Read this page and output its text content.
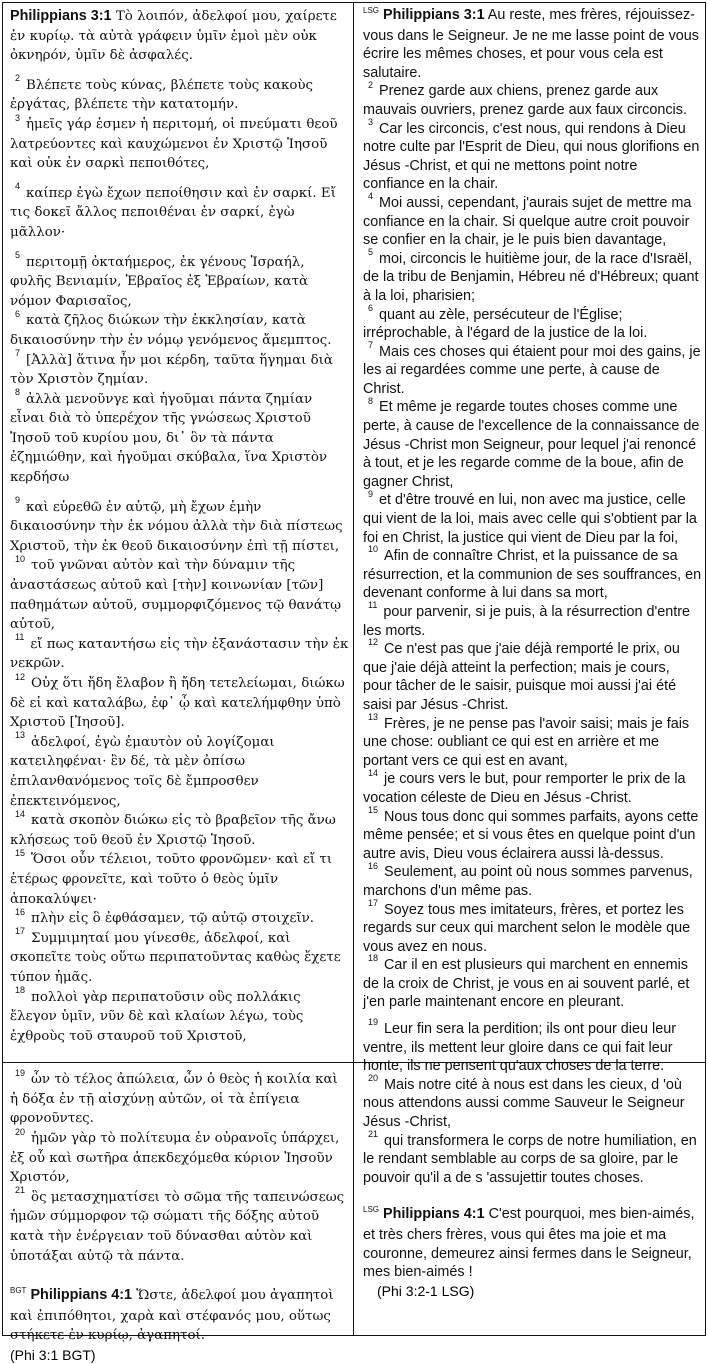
Philippians 3:1 Τὸ λοιπόν, ἀδελφοί μου, χαίρετε ἐν κυρίῳ. τὰ αὐτὰ γράφειν ὑμῖν ἐμοὶ μὲν οὐκ ὀκνηρόν, ὑμῖν δὲ ἀσφαλές.

$^2$ Βλέπετε τοὺς κύνας, βλέπετε τοὺς κακοὺς ἐργάτας, βλέπετε τὴν κατατομήν.

$^3$ ἡμεῖς γάρ ἐσμεν ἡ περιτομή, οἱ πνεύματι θεοῦ λατρεύοντες καὶ καυχώμενοι ἐν Χριστῷ Ἰησοῦ καὶ οὐκ ἐν σαρκὶ πεποιθότες,

$^4$ καίπερ ἐγὼ ἔχων πεποίθησιν καὶ ἐν σαρκί. Εἴ τις δοκεῖ ἄλλος πεποιθέναι ἐν σαρκί, ἐγὼ μᾶλλον·

$^5$ περιτομῇ ὀκταήμερος, ἐκ γένους Ἰσραήλ, φυλῆς Βενιαμίν, Ἑβραῖος ἐξ Ἑβραίων, κατὰ νόμον Φαρισαῖος,

$^6$ κατὰ ζῆλος διώκων τὴν ἐκκλησίαν, κατὰ δικαιοσύνην τὴν ἐν νόμῳ γενόμενος ἄμεμπτος.

$^7$ [Ἀλλὰ] ἅτινα ἦν μοι κέρδη, ταῦτα ἥγημαι διὰ τὸν Χριστὸν ζημίαν.

$^8$ ἀλλὰ μενοῦνγε καὶ ἡγοῦμαι πάντα ζημίαν εἶναι διὰ τὸ ὑπερέχον τῆς γνώσεως Χριστοῦ Ἰησοῦ τοῦ κυρίου μου, δι᾽ ὃν τὰ πάντα ἐζημιώθην, καὶ ἡγοῦμαι σκύβαλα, ἵνα Χριστὸν κερδήσω

$^9$ καὶ εὑρεθῶ ἐν αὐτῷ, μὴ ἔχων ἐμὴν δικαιοσύνην τὴν ἐκ νόμου ἀλλὰ τὴν διὰ πίστεως Χριστοῦ, τὴν ἐκ θεοῦ δικαιοσύνην ἐπὶ τῇ πίστει,

$^{10}$ τοῦ γνῶναι αὐτὸν καὶ τὴν δύναμιν τῆς ἀναστάσεως αὐτοῦ καὶ [τὴν] κοινωνίαν [τῶν] παθημάτων αὐτοῦ, συμμορφιζόμενος τῷ θανάτῳ αὐτοῦ,

$^{11}$ εἴ πως καταντήσω εἰς τὴν ἐξανάστασιν τὴν ἐκ νεκρῶν.

$^{12}$ Οὐχ ὅτι ἤδη ἔλαβον ἢ ἤδη τετελείωμαι, διώκω δὲ εἰ καὶ καταλάβω, ἐφ᾽ ᾧ καὶ κατελήμφθην ὑπὸ Χριστοῦ [Ἰησοῦ].

$^{13}$ ἀδελφοί, ἐγὼ ἐμαυτὸν οὐ λογίζομαι κατειληφέναι· ἓν δέ, τὰ μὲν ὀπίσω ἐπιλανθανόμενος τοῖς δὲ ἔμπροσθεν ἐπεκτεινόμενος,

$^{14}$ κατὰ σκοπὸν διώκω εἰς τὸ βραβεῖον τῆς ἄνω κλήσεως τοῦ θεοῦ ἐν Χριστῷ Ἰησοῦ.

$^{15}$ Ὅσοι οὖν τέλειοι, τοῦτο φρονῶμεν· καὶ εἴ τι ἑτέρως φρονεῖτε, καὶ τοῦτο ὁ θεὸς ὑμῖν ἀποκαλύψει·

$^{16}$ πλὴν εἰς ὃ ἐφθάσαμεν, τῷ αὐτῷ στοιχεῖν.

$^{17}$ Συμμιμηταί μου γίνεσθε, ἀδελφοί, καὶ σκοπεῖτε τοὺς οὕτω περιπατοῦντας καθὼς ἔχετε τύπον ἡμᾶς.

$^{18}$ πολλοὶ γὰρ περιπατοῦσιν οὓς πολλάκις ἔλεγον ὑμῖν, νῦν δὲ καὶ κλαίων λέγω, τοὺς ἐχθροὺς τοῦ σταυροῦ τοῦ Χριστοῦ,

$^{19}$ ὧν τὸ τέλος ἀπώλεια, ὧν ὁ θεὸς ἡ κοιλία καὶ ἡ δόξα ἐν τῇ αἰσχύνῃ αὐτῶν, οἱ τὰ ἐπίγεια φρονοῦντες.

$^{20}$ ἡμῶν γὰρ τὸ πολίτευμα ἐν οὐρανοῖς ὑπάρχει, ἐξ οὗ καὶ σωτῆρα ἀπεκδεχόμεθα κύριον Ἰησοῦν Χριστόν,

$^{21}$ ὃς μετασχηματίσει τὸ σῶμα τῆς ταπεινώσεως ἡμῶν σύμμορφον τῷ σώματι τῆς δόξης αὐτοῦ κατὰ τὴν ἐνέργειαν τοῦ δύνασθαι αὐτὸν καὶ ὑποτάξαι αὐτῷ τὰ πάντα.

$^{BGT}$ Philippians 4:1 Ὥστε, ἀδελφοί μου ἀγαπητοὶ καὶ ἐπιπόθητοι, χαρὰ καὶ στέφανός μου, οὕτως στήκετε ἐν κυρίῳ, ἀγαπητοί.

(Phi 3:1 BGT)

$^{LSG}$ Philippians 3:1 Au reste, mes frères, réjouissez-vous dans le Seigneur. Je ne me lasse point de vous écrire les mêmes choses, et pour vous cela est salutaire.

$^2$ Prenez garde aux chiens, prenez garde aux mauvais ouvriers, prenez garde aux faux circoncis.

$^3$ Car les circoncis, c'est nous, qui rendons à Dieu notre culte par l'Esprit de Dieu, qui nous glorifions en Jésus -Christ, et qui ne mettons point notre confiance en la chair.

$^4$ Moi aussi, cependant, j'aurais sujet de mettre ma confiance en la chair. Si quelque autre croit pouvoir se confier en la chair, je le puis bien davantage,

$^5$ moi, circoncis le huitième jour, de la race d'Israël, de la tribu de Benjamin, Hébreu né d'Hébreux; quant à la loi, pharisien;

$^6$ quant au zèle, persécuteur de l'Église; irréprochable, à l'égard de la justice de la loi.

$^7$ Mais ces choses qui étaient pour moi des gains, je les ai regardées comme une perte, à cause de Christ.

$^8$ Et même je regarde toutes choses comme une perte, à cause de l'excellence de la connaissance de Jésus -Christ mon Seigneur, pour lequel j'ai renoncé à tout, et je les regarde comme de la boue, afin de gagner Christ,

$^9$ et d'être trouvé en lui, non avec ma justice, celle qui vient de la loi, mais avec celle qui s'obtient par la foi en Christ, la justice qui vient de Dieu par la foi,

$^{10}$ Afin de connaître Christ, et la puissance de sa résurrection, et la communion de ses souffrances, en devenant conforme à lui dans sa mort,

$^{11}$ pour parvenir, si je puis, à la résurrection d'entre les morts.

$^{12}$ Ce n'est pas que j'aie déjà remporté le prix, ou que j'aie déjà atteint la perfection; mais je cours, pour tâcher de le saisir, puisque moi aussi j'ai été saisi par Jésus -Christ.

$^{13}$ Frères, je ne pense pas l'avoir saisi; mais je fais une chose: oubliant ce qui est en arrière et me portant vers ce qui est en avant,

$^{14}$ je cours vers le but, pour remporter le prix de la vocation céleste de Dieu en Jésus -Christ.

$^{15}$ Nous tous donc qui sommes parfaits, ayons cette même pensée; et si vous êtes en quelque point d'un autre avis, Dieu vous éclairera aussi là-dessus.

$^{16}$ Seulement, au point où nous sommes parvenus, marchons d'un même pas.

$^{17}$ Soyez tous mes imitateurs, frères, et portez les regards sur ceux qui marchent selon le modèle que vous avez en nous.

$^{18}$ Car il en est plusieurs qui marchent en ennemis de la croix de Christ, je vous en ai souvent parlé, et j'en parle maintenant encore en pleurant.

$^{19}$ Leur fin sera la perdition; ils ont pour dieu leur ventre, ils mettent leur gloire dans ce qui fait leur honte, ils ne pensent qu'aux choses de la terre.

$^{20}$ Mais notre cité à nous est dans les cieux, d 'où nous attendons aussi comme Sauveur le Seigneur Jésus -Christ,

$^{21}$ qui transformera le corps de notre humiliation, en le rendant semblable au corps de sa gloire, par le pouvoir qu'il a de s 'assujettir toutes choses.

$^{LSG}$ Philippians 4:1 C'est pourquoi, mes bien-aimés, et très chers frères, vous qui êtes ma joie et ma couronne, demeurez ainsi fermes dans le Seigneur, mes bien-aimés !

(Phi 3:2-1 LSG)
